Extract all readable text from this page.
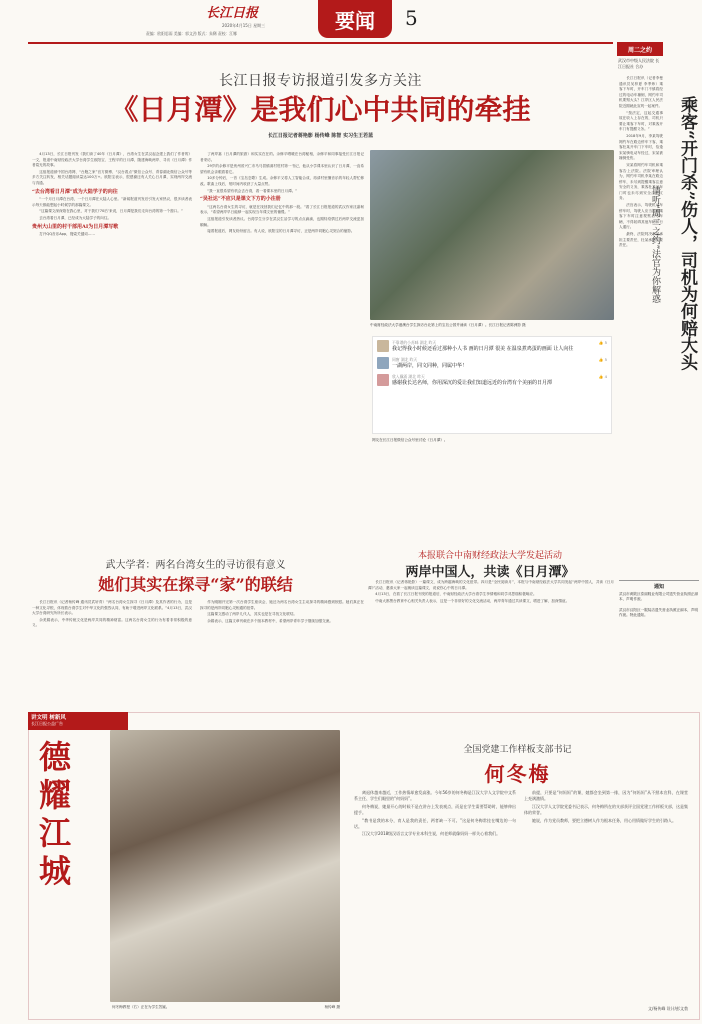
长江日报
2020年4月15日 星期三
责编：欧阳思雨 美编：郭文劲 版式：朱稀 责校：江娜
要闻 5
长江日报专访报道引发多方关注
《日月潭》是我们心中共同的牵挂
长江日报记者蒋艳影 杨传峰 陈智 实习生王若蓝

4月13日，长江日报刊发《我们读了40年《日月潭》，台湾女生在武汉起念建上我们了作者的》一文，报道中南财经政法大学台湾学生欧阳宝、王程平的日月潭，随建海峡两岸、寻访《日月潭》作者葛光的故事。

这组报道被中国台湾网、“台胞之家”官方微博、“汉台看点”微信公众号、青春湖北微信公众号等多方关注转发，相关话题阅读量达100万+。欧阳宝表示，很感谢还有人关心日月潭，实现两岸交流与沟通。

“去台湾看日月潭”成为大陆学子的向往

“一个月日月潭在台湾，一个日月潭在大陆人心里。”新闻报道刊发后引发大家热议，很多读者表示每天都能想起小时候学的那篇课文。

“这篇课文深深烙在我心里，对于我们‘70后’来说，日月潭是我们走向台湾的第一个窗口。”

去台湾看日月潭，已经成为大陆学子的向往。

贵州大山里的村干部用AI为日月潭写歌

打开QQ音乐App，搜索关键词……

了两岸嘉（日月潭的旅游）和实实在在的。余修平晒暖在台湾秘相，余修平和同事接受长江日报记者采访。

29岁的余修平是贵州省兴仁市马马冒镇洞村驻村第一书记，他从小学课本里认识了日月潭，一直希望有机会亲眼看看它。

10多分钟后，一首《宝岛恋歌》生成。余修平又将人工智能合成，再请村里懂音乐的年轻人帮忙修改。歌曲上线后，短时间内收获了大量点赞。

“我一直很希望有机会去台湾，看一看课本里的日月潭。”

“吴社达”不应只是课文下方的小注册

“这两名台湾女生的寻访，就是在找回我们记忆中的那一段。”看了长江日报报道的武汉作家沈嘉柯表示，“希望两岸早日能够一起实现当年课文里的憧憬。”

这组报道引发读者热议。台湾学生分享在武汉生活学习的点点滴滴，也期待疫情过后两岸交流更加顺畅。

接着报道后，网友纷纷留言。有人说，欧阳宝的日月潭寻访，正是两岸同胞心灵契合的缩影。

中南财经政法大学港澳台学生探访台北第上的宝岛公园并诵读《日月潭》。长江日报记者陈洲影 摄
不靠谱的小苏咪 湖北 昨天	👍 5
我记得我小时候还看过那种小人书 画的日月潭 很美 在温泉煮鸡蛋的画面 让人向往
同窗 湖北 昨天	👍 5
一湖两岸，同文同种，同属中华！
欣入骥涌 湖北 昨天	👍 4
感谢我长达名师，你用深沉的爱让我们知道远近的台湾有个美丽的日月潭
网友在长江日报微信公众号里讨论《日月潭》。
本报联合中南财经政法大学发起活动
两岸中国人，共读《日月潭》

长江日报讯（记者蒋艳影）一篇课文，成为跨越海峡的文化纽带。四月是“全民阅读月”，本报与中南财经政法大学共同发起“两岸中国人，共读《日月潭》”活动，邀请大家一起朗读这篇课文，说说你心中的日月潭。

4月13日，在看了长江日报刊发的报道后，中南财经政法大学台湾学生李倩雅和同学邓思瑞积极响应。

中南大都黑台教育中心相关负责人表示，这是一个非常好的文化交流活动，两岸青年通过共读课文，增进了解，加深情谊。

武大学者：两名台湾女生的寻访很有意义
她们其实在探寻“家”的联结

长江日报讯（记者杨传峰 通讯员武轩青）“两名台湾女生探寻《日月潭》及其作者的行为，这是一种文化寻根，体现着台湾学生对中华文化的强烈认同，有助于增进两岸文化联系。”4月13日，武汉大学台湾研究所所长表示。

余美娟表示，中华传统文化是两岸共同的精神财富。这两名台湾女生的行为有着非常积极的意义。

作为刚刚开完第一次台湾学生座谈会，她还为两名台湾女生主动探寻的精神感到欣慰。她们真正在探寻的是两岸同胞心灵相通的纽带。

这篇课文感动了两岸几代人，其实也是在寻找文化联结。

余娟表示，这篇文章刊载在多个版本教材中，希望两岸青年学子继续加强交流。

周二之约
武汉市中级人民法院 长江日报社 合办

长江日报讯（记者李曼 通讯员吴梓夏 李季炜）乘客下车时，开车门不慎将经过的电动车撞倒，网约车司机要赔大头？江岸区人民法院近期就此宣判一起案件。

“按法定，这起交通事故在收入上存在的，司机只要让乘客下车时，对乘客开车门有提醒义务。”

2018年9月，李某驾驶网约车在路边停车下客，乘客杜某开车门下车时，恰逢宋某骑电动车经过，宋某被撞倒受伤。

宋某将网约车司机和乘客告上法院。法院审理认为，网约车司机李某在路边停车，未尽到提醒乘客注意安全的义务，乘客杜某开车门时也未尽到安全注意义务。

法官表示，驾驶机动车停车时，驾驶人应当提醒乘客下车时注意观察后方车辆，不得妨碍其他车辆和行人通行。

最终，法院判决李某承担主要责任，杜某承担次要责任。	乘客“开门杀”伤人，司机为何赔大头
请听“周二之约”法官为你解惑
通知
武汉市黄陂区泰丽鞋业有限公司遗失营业执照正副本，声明作废。
武汉市汉阳区一服装店遗失营业执照正副本，声明作废。特此通知。
讲文明 树新风
长江日报公益广告
德耀江城
何冬梅教授（右）正在为学生答疑。	杨传峰 摄
全国党建工作样板支部书记
何冬梅

离退休越来越近，工作热情却愈发高涨。今年56岁的何冬梅是江汉大学人文学院中文系系主任、学生们眼里的“何妈妈”。

何冬梅说，她最开心的时候不是在讲台上发表观点，而是在学生需要帮助时，能够伸出援手。

“教书是我的本分，育人是我的责任，两者缺一不可。”这是何冬梅常挂在嘴边的一句话。

江汉大学2018级汉语言文学专业本科生说，何老师就像妈妈一样关心着我们。

前提，只要是“何妈妈”的课，她都会坐到第一排，因为“何妈妈”从不照本宣科，在课堂上充满激情。

江汉大学人文学院党委书记表示，何冬梅所在的支部获评全国党建工作样板支部，这是集体的荣誉。

她说，作为党员教师，要把立德树人作为根本任务，用心用情做好学生的引路人。

文/杨传峰 设计/彭文勃
